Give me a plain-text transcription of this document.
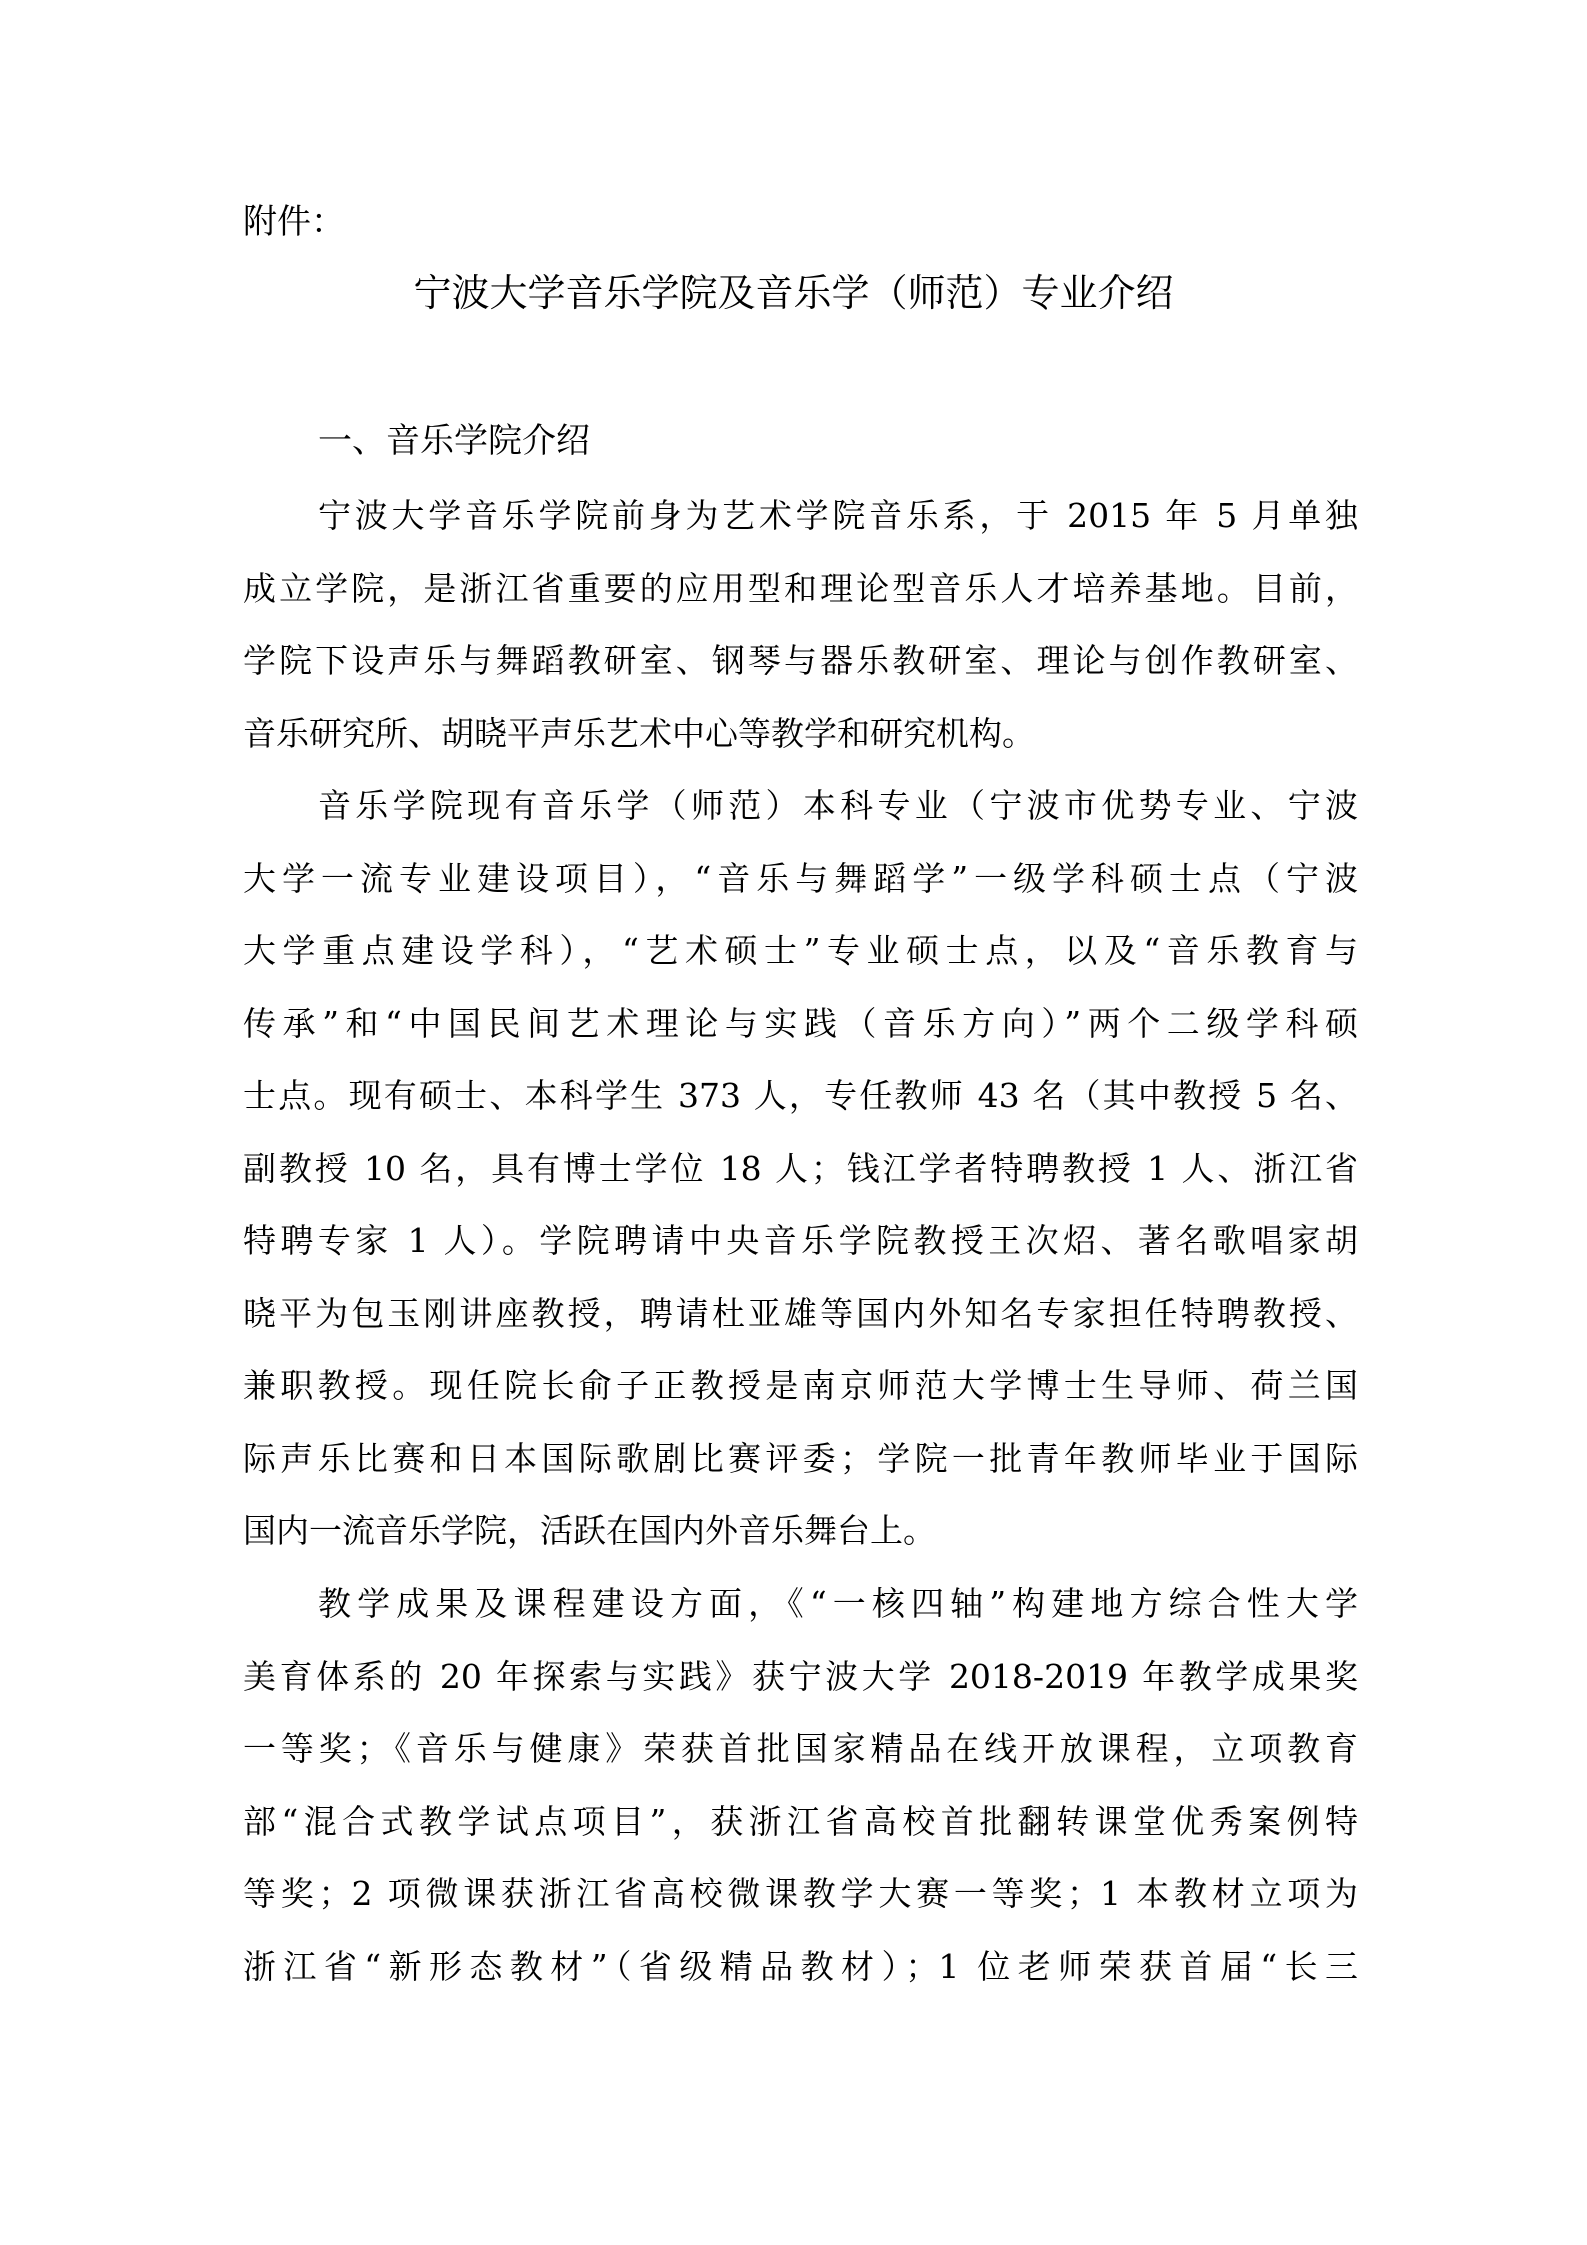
附件：
宁波大学音乐学院及音乐学（师范）专业介绍
一、音乐学院介绍
宁波大学音乐学院前身为艺术学院音乐系，于 2015 年 5 月单独
成立学院，是浙江省重要的应用型和理论型音乐人才培养基地。目前，
学院下设声乐与舞蹈教研室、钢琴与器乐教研室、理论与创作教研室、
音乐研究所、胡晓平声乐艺术中心等教学和研究机构。
音乐学院现有音乐学（师范）本科专业（宁波市优势专业、宁波
大学一流专业建设项目），“音乐与舞蹈学”一级学科硕士点（宁波
大学重点建设学科），“艺术硕士”专业硕士点，以及“音乐教育与
传承”和“中国民间艺术理论与实践（音乐方向）”两个二级学科硕
士点。现有硕士、本科学生 373 人，专任教师 43 名（其中教授 5 名、
副教授 10 名，具有博士学位 18 人；钱江学者特聘教授 1 人、浙江省
特聘专家 1 人）。学院聘请中央音乐学院教授王次炤、著名歌唱家胡
晓平为包玉刚讲座教授，聘请杜亚雄等国内外知名专家担任特聘教授、
兼职教授。现任院长俞子正教授是南京师范大学博士生导师、荷兰国
际声乐比赛和日本国际歌剧比赛评委；学院一批青年教师毕业于国际
国内一流音乐学院，活跃在国内外音乐舞台上。
教学成果及课程建设方面，《“一核四轴”构建地方综合性大学
美育体系的 20 年探索与实践》获宁波大学 2018-2019 年教学成果奖
一等奖；《音乐与健康》荣获首批国家精品在线开放课程，立项教育
部“混合式教学试点项目”，获浙江省高校首批翻转课堂优秀案例特
等奖；2 项微课获浙江省高校微课教学大赛一等奖；1 本教材立项为
浙江省“新形态教材”（省级精品教材）；1 位老师荣获首届“长三
